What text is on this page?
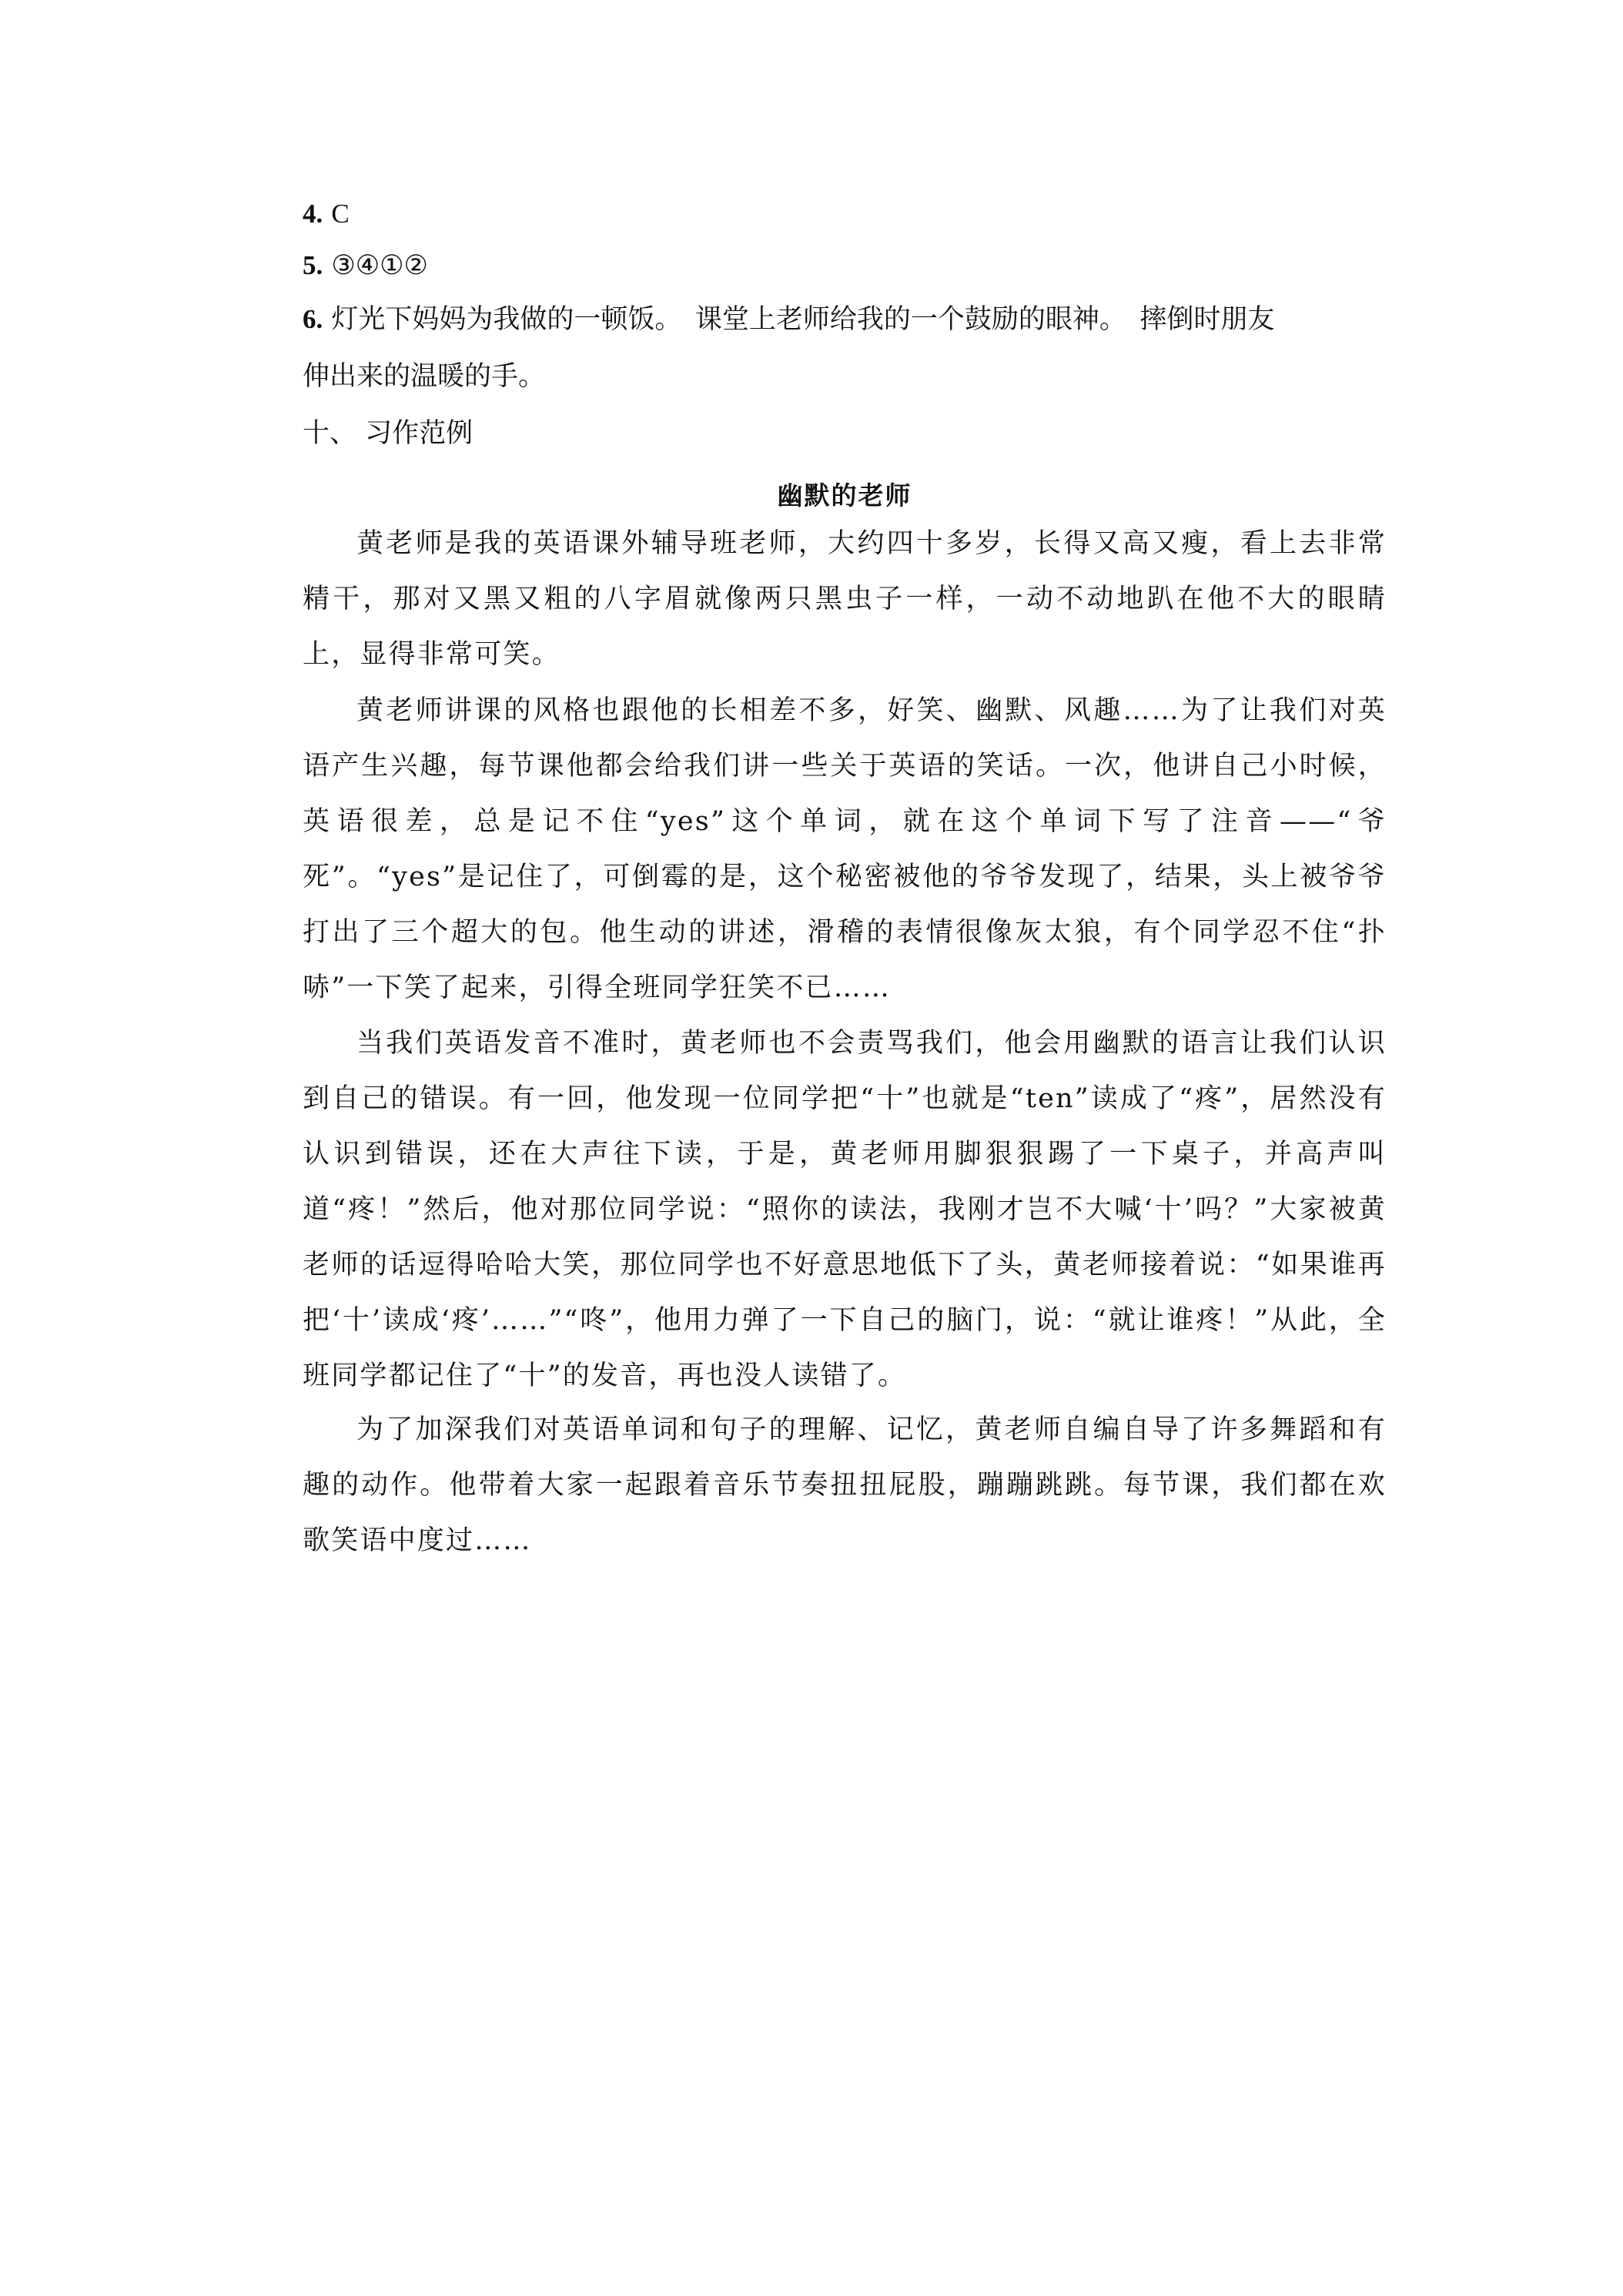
4. C
5. ③④①②
6. 灯光下妈妈为我做的一顿饭。　课堂上老师给我的一个鼓励的眼神。　摔倒时朋友
伸出来的温暖的手。
十、 习作范例
幽默的老师

黄老师是我的英语课外辅导班老师，大约四十多岁，长得又高又瘦，看上去非常精干，那对又黑又粗的八字眉就像两只黑虫子一样，一动不动地趴在他不大的眼睛上，显得非常可笑。

黄老师讲课的风格也跟他的长相差不多，好笑、幽默、风趣……为了让我们对英语产生兴趣，每节课他都会给我们讲一些关于英语的笑话。一次，他讲自己小时候，英语很差，总是记不住“yes”这个单词，就在这个单词下写了注音——“爷死”。“yes”是记住了，可倒霉的是，这个秘密被他的爷爷发现了，结果，头上被爷爷打出了三个超大的包。他生动的讲述，滑稽的表情很像灰太狼，有个同学忍不住“扑哧”一下笑了起来，引得全班同学狂笑不已……

当我们英语发音不准时，黄老师也不会责骂我们，他会用幽默的语言让我们认识到自己的错误。有一回，他发现一位同学把“十”也就是“ten”读成了“疼”，居然没有认识到错误，还在大声往下读，于是，黄老师用脚狠狠踢了一下桌子，并高声叫道“疼！”然后，他对那位同学说：“照你的读法，我刚才岂不大喊‘十’吗？”大家被黄老师的话逗得哈哈大笑，那位同学也不好意思地低下了头，黄老师接着说：“如果谁再把‘十’读成‘疼’……”“咚”，他用力弹了一下自己的脑门，说：“就让谁疼！”从此，全班同学都记住了“十”的发音，再也没人读错了。

为了加深我们对英语单词和句子的理解、记忆，黄老师自编自导了许多舞蹈和有趣的动作。他带着大家一起跟着音乐节奏扭扭屁股，蹦蹦跳跳。每节课，我们都在欢歌笑语中度过……
